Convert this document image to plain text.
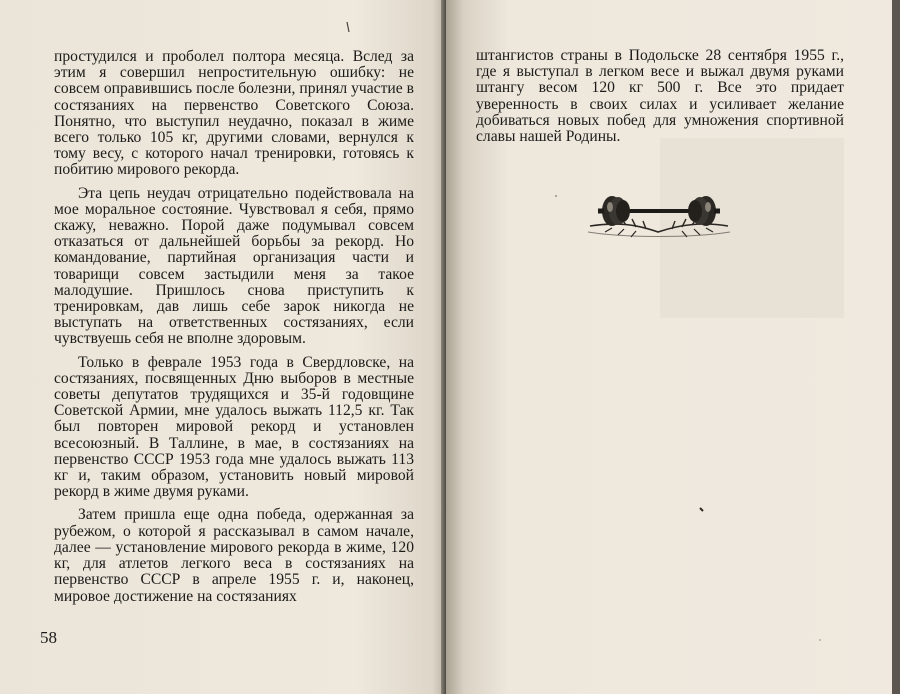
простудился и проболел полтора месяца. Вслед за этим я совершил непростительную ошибку: не совсем оправившись после болезни, принял участие в состязаниях на первенство Советского Союза. Понятно, что выступил неудачно, показал в жиме всего только 105 кг, другими словами, вернулся к тому весу, с которого начал тренировки, готовясь к побитию мирового рекорда.

Эта цепь неудач отрицательно подействовала на мое моральное состояние. Чувствовал я себя, прямо скажу, неважно. Порой даже подумывал совсем отказаться от дальнейшей борьбы за рекорд. Но командование, партийная организация части и товарищи совсем застыдили меня за такое малодушие. Пришлось снова приступить к тренировкам, дав лишь себе зарок никогда не выступать на ответственных состязаниях, если чувствуешь себя не вполне здоровым.

Только в феврале 1953 года в Свердловске, на состязаниях, посвященных Дню выборов в местные советы депутатов трудящихся и 35-й годовщине Советской Армии, мне удалось выжать 112,5 кг. Так был повторен мировой рекорд и установлен всесоюзный. В Таллине, в мае, в состязаниях на первенство СССР 1953 года мне удалось выжать 113 кг и, таким образом, установить новый мировой рекорд в жиме двумя руками.

Затем пришла еще одна победа, одержанная за рубежом, о которой я рассказывал в самом начале, далее — установление мирового рекорда в жиме, 120 кг, для атлетов легкого веса в состязаниях на первенство СССР в апреле 1955 г. и, наконец, мировое достижение на состязаниях

58

штангистов страны в Подольске 28 сентября 1955 г., где я выступал в легком весе и выжал двумя руками штангу весом 120 кг 500 г. Все это придает уверенность в своих силах и усиливает желание добиваться новых побед для умножения спортивной славы нашей Родины.
